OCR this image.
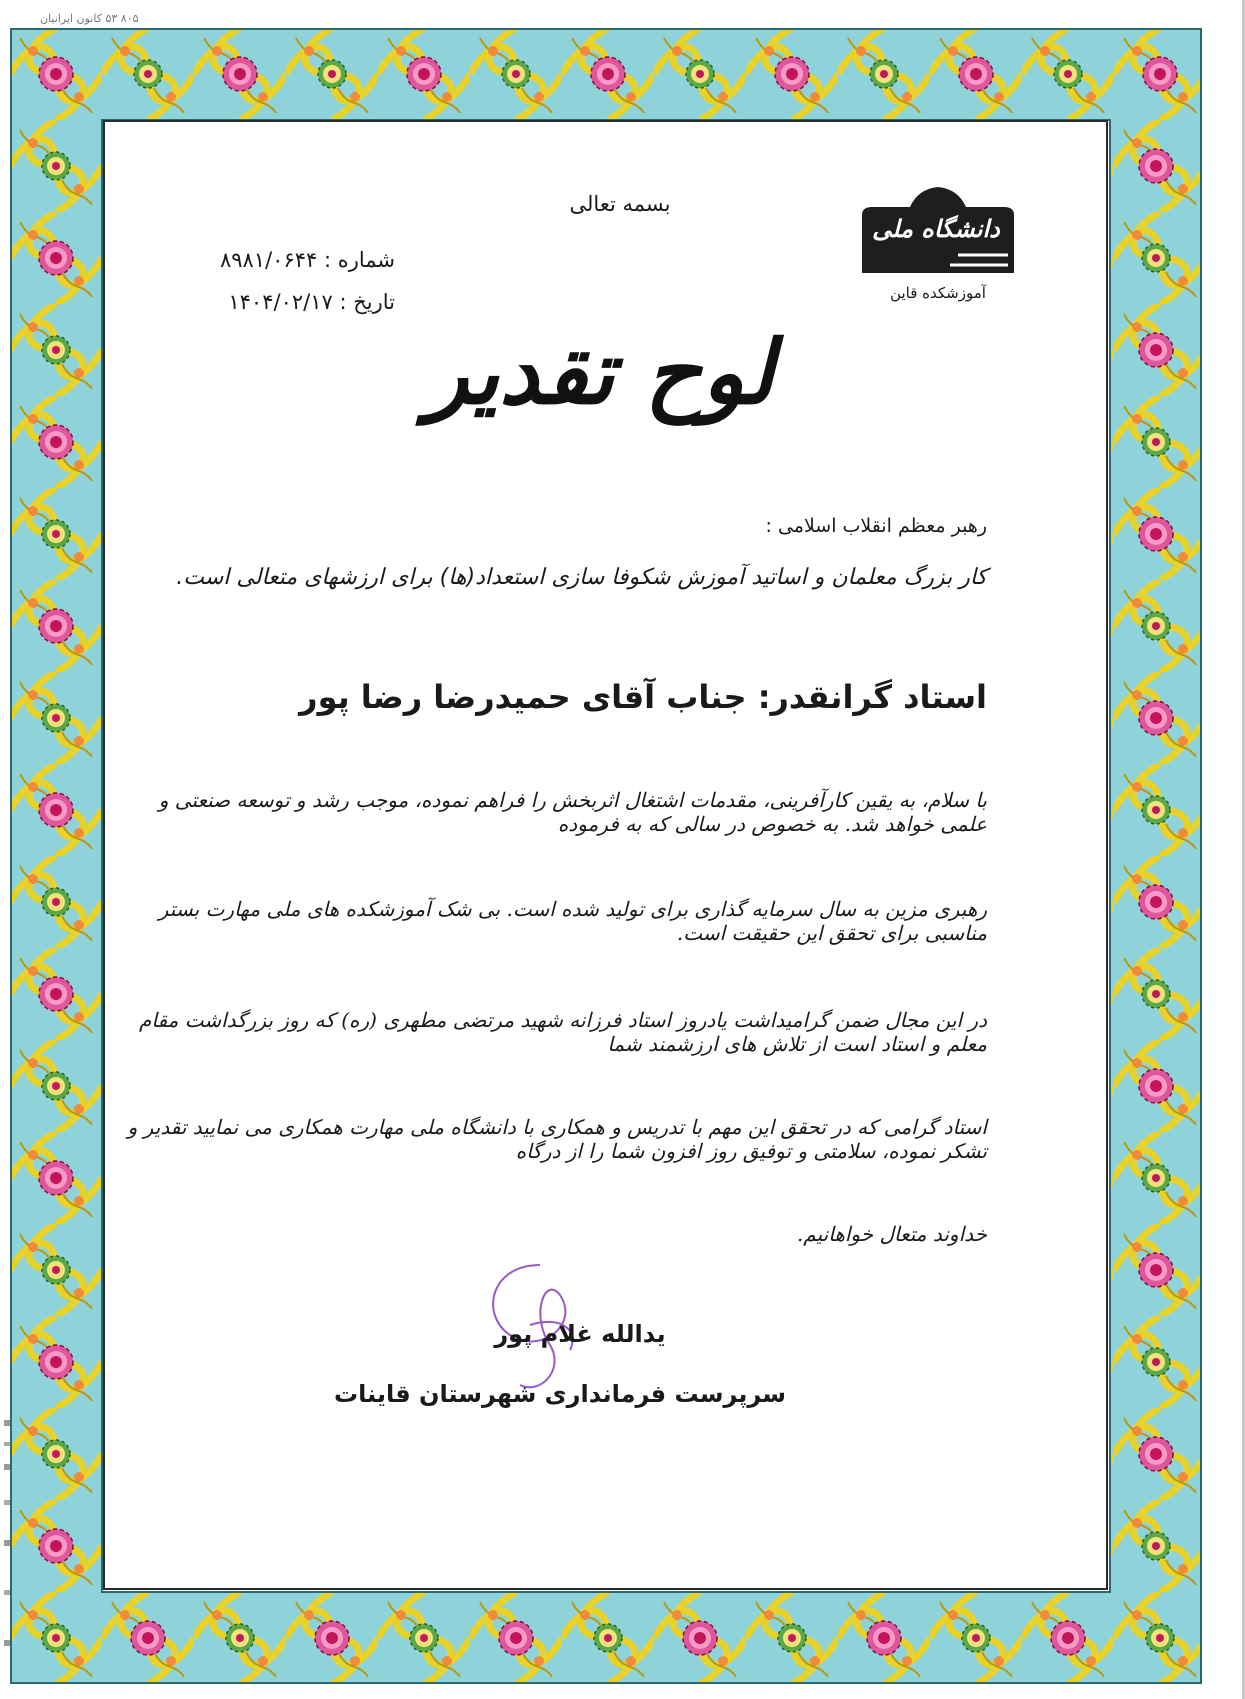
۸۰۵ ۵۳ کانون ایرانیان
بسمه تعالی
شماره : ۸۹۸۱/۰۶۴۴
تاریخ : ۱۴۰۴/۰۲/۱۷
دانشگاه ملی
آموزشکده قاین
لوح تقدیر
رهبر معظم انقلاب اسلامی :
کار بزرگ معلمان و اساتید آموزش شکوفا سازی استعداد(ها) برای ارزشهای متعالی است.
استاد گرانقدر: جناب آقای حمیدرضا رضا پور
با سلام، به یقین کارآفرینی، مقدمات اشتغال اثربخش را فراهم نموده، موجب رشد و توسعه صنعتی و علمی خواهد شد. به خصوص در سالی که به فرموده
رهبری مزین به سال سرمایه گذاری برای تولید شده است. بی شک آموزشکده های ملی مهارت بستر مناسبی برای تحقق این حقیقت است.
در این مجال ضمن گرامیداشت یادروز استاد فرزانه شهید مرتضی مطهری (ره) که روز بزرگداشت مقام معلم و استاد است از تلاش های ارزشمند شما
استاد گرامی که در تحقق این مهم با تدریس و همکاری با دانشگاه ملی مهارت همکاری می نمایید تقدیر و تشکر نموده، سلامتی و توفیق روز افزون شما را از درگاه
خداوند متعال خواهانیم.
یدالله غلام پور
سرپرست فرمانداری شهرستان قاینات
